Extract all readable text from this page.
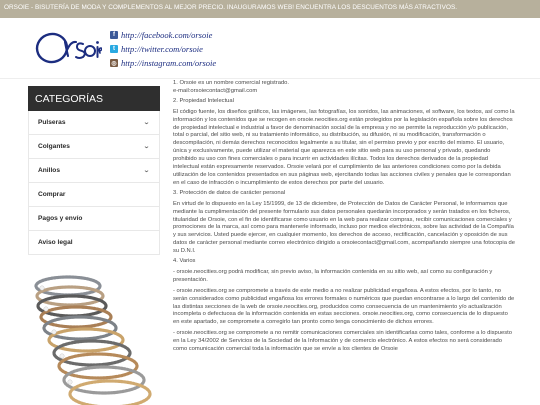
ORSOIE - BISUTERÍA DE MODA Y COMPLEMENTOS AL MEJOR PRECIO. INAUGURAMOS WEB! ENCUENTRA LOS DESCUENTOS MÁS ATRACTIVOS.
f http://facebook.com/orsoie
t http://twitter.com/orsoie
◎ http://instagram.com/orsoie
CATEGORÍAS
Pulseras	⌄
Colgantes	⌄
Anillos	⌄
Comprar
Pagos y envío
Aviso legal

1. Orsoie es un nombre comercial registrado.

e-mail:orsoiecontact@gmail.com

2. Propiedad Intelectual

El código fuente, los diseños gráficos, las imágenes, las fotografías, los sonidos, las animaciones, el software, los textos, así como la información y los contenidos que se recogen en orsoie.neocities.org están protegidos por la legislación española sobre los derechos de propiedad intelectual e industrial a favor de denominación social de la empresa y no se permite la reproducción y/o publicación, total o parcial, del sitio web, ni su tratamiento informático, su distribución, su difusión, ni su modificación, transformación o descompilación, ni demás derechos reconocidos legalmente a su titular, sin el permiso previo y por escrito del mismo. El usuario, única y exclusivamente, puede utilizar el material que aparezca en este sitio web para su uso personal y privado, quedando prohibido su uso con fines comerciales o para incurrir en actividades ilícitas. Todos los derechos derivados de la propiedad intelectual están expresamente reservados. Orsoie velará por el cumplimiento de las anteriores condiciones como por la debida utilización de los contenidos presentados en sus páginas web, ejercitando todas las acciones civiles y penales que le correspondan en el caso de infracción o incumplimiento de estos derechos por parte del usuario.

3. Protección de datos de carácter personal

En virtud de lo dispuesto en la Ley 15/1999, de 13 de diciembre, de Protección de Datos de Carácter Personal, le informamos que mediante la cumplimentación del presente formulario sus datos personales quedarán incorporados y serán tratados en los ficheros, titularidad de Orsoie, con el fin de identificarse como usuario en la web para realizar compras, recibir comunicaciones comerciales y promociones de la marca, así como para mantenerle informado, incluso por medios electrónicos, sobre las actividad de la Compañía y sus servicios. Usted puede ejercer, en cualquier momento, los derechos de acceso, rectificación, cancelación y oposición de sus datos de carácter personal mediante correo electrónico dirigido a orsoiecontact@gmail.com, acompañando siempre una fotocopia de su D.N.I.

4. Varios

- orsoie.neocities.org podrá modificar, sin previo aviso, la información contenida en su sitio web, así como su configuración y presentación.

- orsoie.neocities.org se compromete a través de este medio a no realizar publicidad engañosa. A estos efectos, por lo tanto, no serán considerados como publicidad engañosa los errores formales o numéricos que puedan encontrarse a lo largo del contenido de las distintas secciones de la web de orsoie.neocities.org, producidos como consecuencia de un mantenimiento y/o actualización incompleta o defectuosa de la información contenida en estas secciones. orsoie.neocities.org, como consecuencia de lo dispuesto en este apartado, se compromete a corregirlo tan pronto como tenga conocimiento de dichos errores.

- orsoie.neocities.org se compromete a no remitir comunicaciones comerciales sin identificarlas como tales, conforme a lo dispuesto en la Ley 34/2002 de Servicios de la Sociedad de la Información y de comercio electrónico. A estos efectos no será considerado como comunicación comercial toda la información que se envíe a los clientes de Orsoie
